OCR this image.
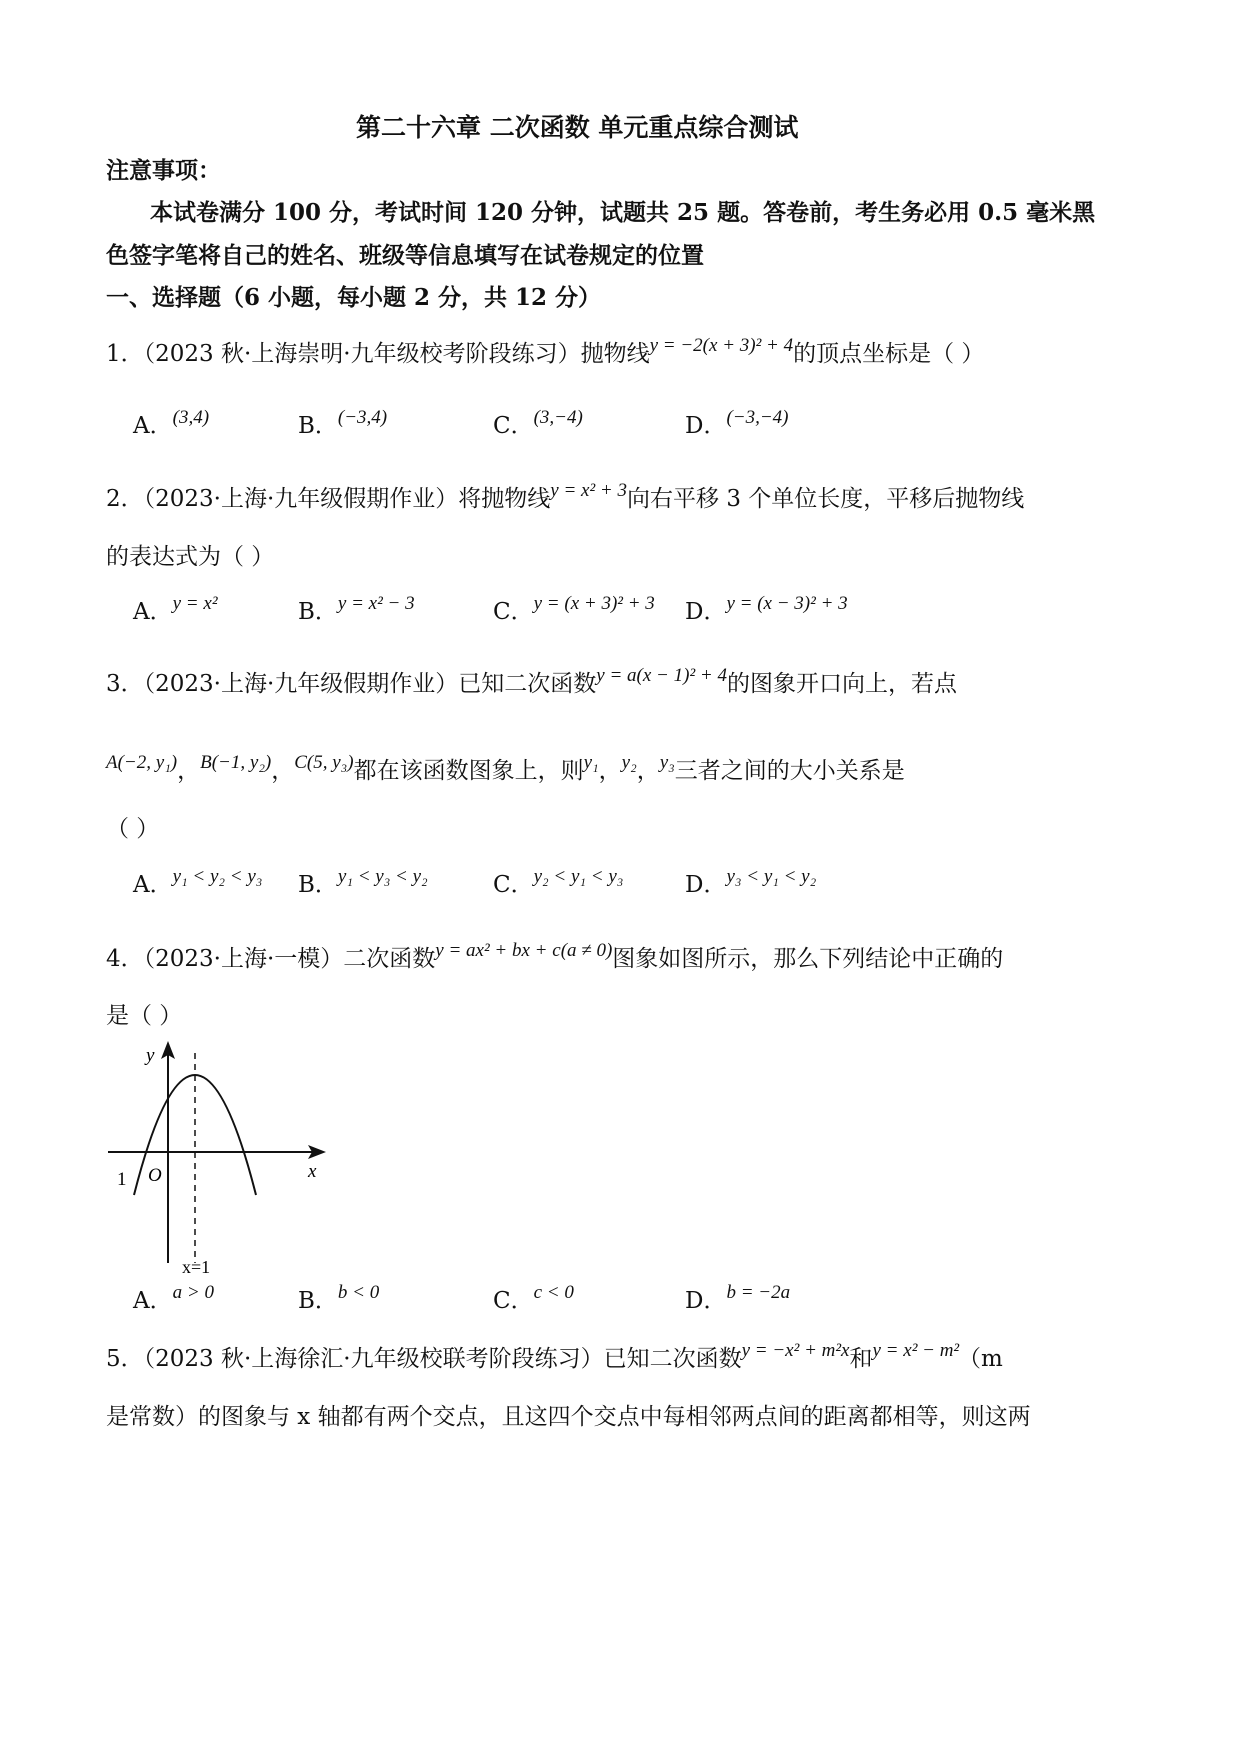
第二十六章 二次函数 单元重点综合测试
注意事项：
本试卷满分 100 分，考试时间 120 分钟，试题共 25 题。答卷前，考生务必用 0.5 毫米黑
色签字笔将自己的姓名、班级等信息填写在试卷规定的位置
一、选择题（6 小题，每小题 2 分，共 12 分）
1．（2023 秋·上海崇明·九年级校考阶段练习）抛物线$^{y = -2(x + 3)^2 + 4}$的顶点坐标是（ ）
A．$^{(3,4)}$	B．$^{(-3,4)}$	C．$^{(3,-4)}$	D．$^{(-3,-4)}$
2．（2023·上海·九年级假期作业）将抛物线$^{y = x^2 + 3}$向右平移 3 个单位长度，平移后抛物线
的表达式为（ ）
A．$^{y = x^2}$	B．$^{y = x^2 - 3}$	C．$^{y = (x + 3)^2 + 3}$ D．$^{y = (x - 3)^2 + 3}$
3．（2023·上海·九年级假期作业）已知二次函数$^{y = a(x - 1)^2 + 4}$的图象开口向上，若点
$^{A(-2, y_1)}$，$^{B(-1, y_2)}$，$^{C(5, y_3)}$都在该函数图象上，则$^{y_1}$，$^{y_2}$，$^{y_3}$三者之间的大小关系是
（ ）
A．$^{y_1 < y_2 < y_3}$ B．$^{y_1 < y_3 < y_2}$	C．$^{y_2 < y_1 < y_3}$	D．$^{y_3 < y_1 < y_2}$
4．（2023·上海·一模）二次函数$^{y = ax^2 + bx + c(a \ne 0)}$图象如图所示，那么下列结论中正确的
是（ ）
y
x
O
1
x=1
A．$^{a > 0}$	B．$^{b < 0}$	C．$^{c < 0}$	D．$^{b = -2a}$
5．（2023 秋·上海徐汇·九年级校联考阶段练习）已知二次函数$^{y = -x^2 + m^2x}$和$^{y = x^2 - m^2}$
（m
是常数）的图象与 x 轴都有两个交点，且这四个交点中每相邻两点间的距离都相等，则这两
